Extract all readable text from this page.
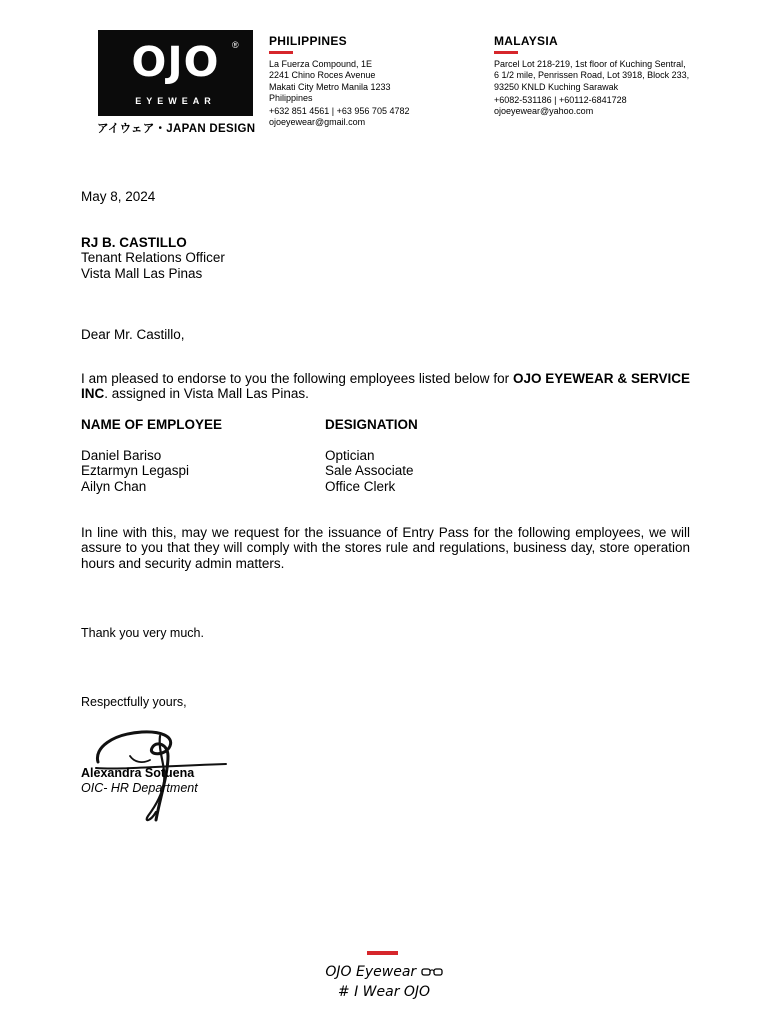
OJO	®
EYEWEAR
アイウェア・JAPAN DESIGN
PHILIPPINES
La Fuerza Compound, 1E
2241 Chino Roces Avenue
Makati City Metro Manila 1233
Philippines
+632 851 4561 | +63 956 705 4782
ojoeyewear@gmail.com
MALAYSIA
Parcel Lot 218-219, 1st floor of Kuching Sentral,
6 1/2 mile, Penrissen Road, Lot 3918, Block 233,
93250 KNLD Kuching Sarawak
+6082-531186 | +60112-6841728
ojoeyewear@yahoo.com
May 8, 2024
RJ B. CASTILLO
Tenant Relations Officer
Vista Mall Las Pinas
Dear Mr. Castillo,
I am pleased to endorse to you the following employees listed below for OJO EYEWEAR & SERVICE INC. assigned in Vista Mall Las Pinas.
NAME OF EMPLOYEE	DESIGNATION
Daniel Bariso
Eztarmyn Legaspi
Ailyn Chan
Optician
Sale Associate
Office Clerk
In line with this, may we request for the issuance of Entry Pass for the following employees, we will assure to you that they will comply with the stores rule and regulations, business day, store operation hours and security admin matters.
Thank you very much.
Respectfully yours,
Alexandra Sotuena
OIC- HR Department
OJO Eyewear
# I Wear OJO
